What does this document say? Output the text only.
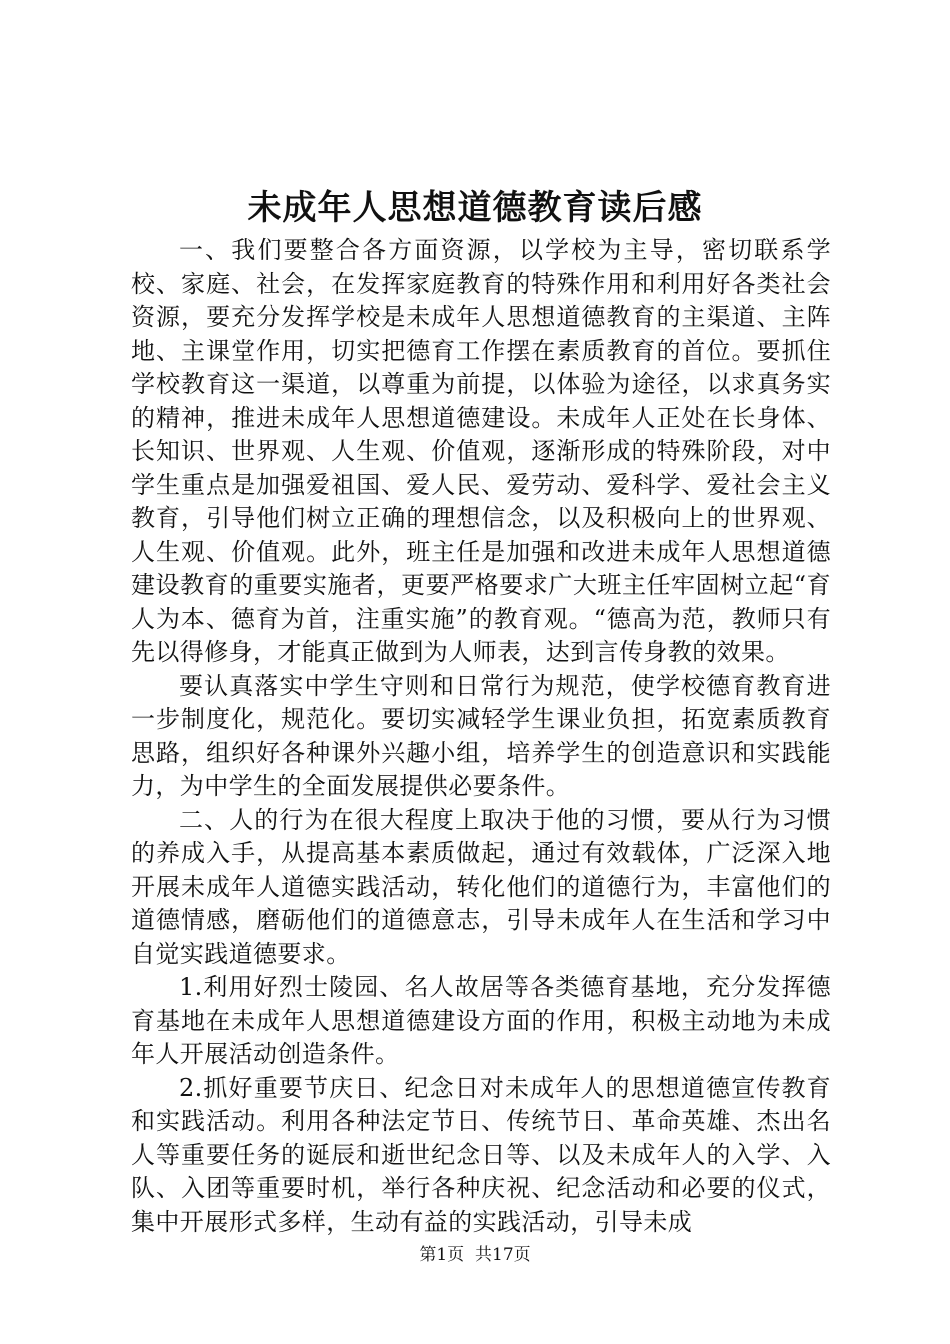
未成年人思想道德教育读后感

一、我们要整合各方面资源，以学校为主导，密切联系学校、家庭、社会，在发挥家庭教育的特殊作用和利用好各类社会资源，要充分发挥学校是未成年人思想道德教育的主渠道、主阵地、主课堂作用，切实把德育工作摆在素质教育的首位。要抓住学校教育这一渠道，以尊重为前提，以体验为途径，以求真务实的精神，推进未成年人思想道德建设。未成年人正处在长身体、长知识、世界观、人生观、价值观，逐渐形成的特殊阶段，对中学生重点是加强爱祖国、爱人民、爱劳动、爱科学、爱社会主义教育，引导他们树立正确的理想信念，以及积极向上的世界观、人生观、价值观。此外，班主任是加强和改进未成年人思想道德建设教育的重要实施者，更要严格要求广大班主任牢固树立起“育人为本、德育为首，注重实施”的教育观。“德高为范，教师只有先以得修身，才能真正做到为人师表，达到言传身教的效果。

要认真落实中学生守则和日常行为规范，使学校德育教育进一步制度化，规范化。要切实减轻学生课业负担，拓宽素质教育思路，组织好各种课外兴趣小组，培养学生的创造意识和实践能力，为中学生的全面发展提供必要条件。

二、人的行为在很大程度上取决于他的习惯，要从行为习惯的养成入手，从提高基本素质做起，通过有效载体，广泛深入地开展未成年人道德实践活动，转化他们的道德行为，丰富他们的道德情感，磨砺他们的道德意志，引导未成年人在生活和学习中自觉实践道德要求。

1.利用好烈士陵园、名人故居等各类德育基地，充分发挥德育基地在未成年人思想道德建设方面的作用，积极主动地为未成年人开展活动创造条件。

2.抓好重要节庆日、纪念日对未成年人的思想道德宣传教育和实践活动。利用各种法定节日、传统节日、革命英雄、杰出名人等重要任务的诞辰和逝世纪念日等、以及未成年人的入学、入队、入团等重要时机，举行各种庆祝、纪念活动和必要的仪式，集中开展形式多样，生动有益的实践活动，引导未成

第1页 共17页
